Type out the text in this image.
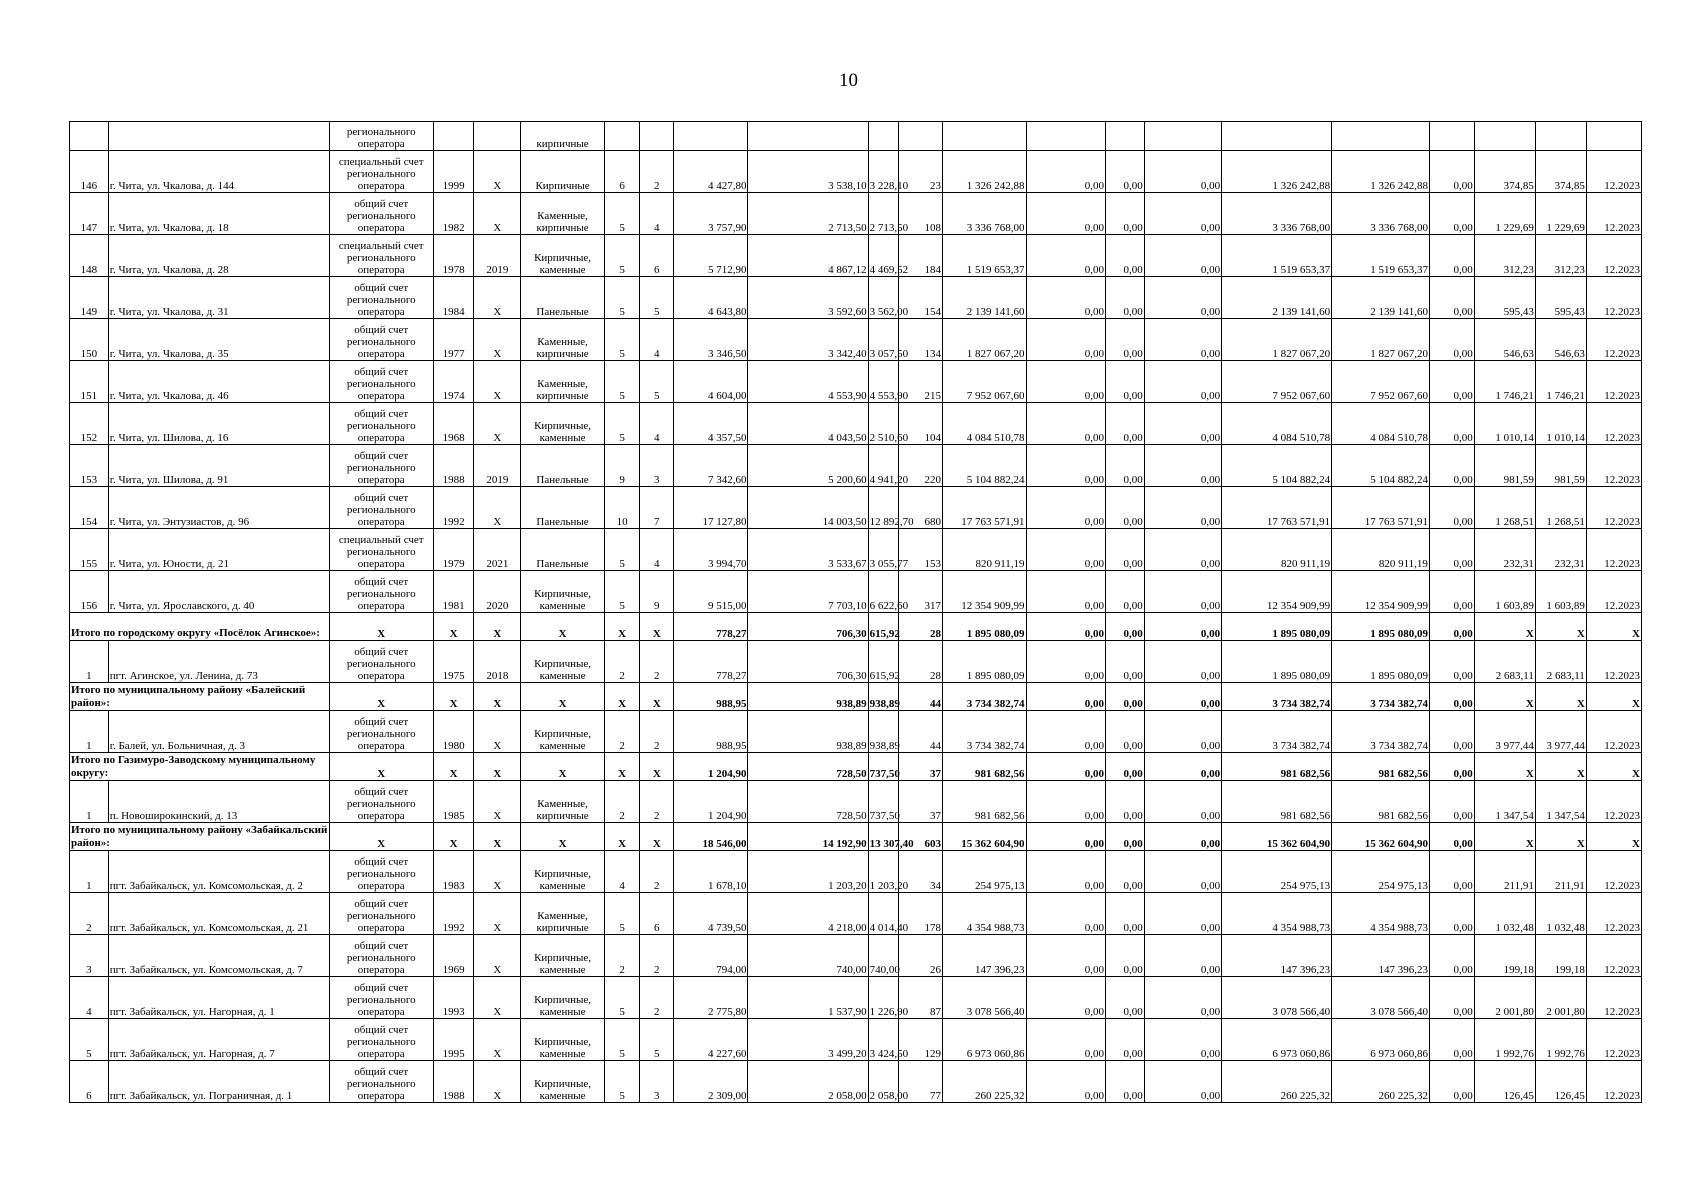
10
		регионального оператора			кирпичные																
146	г. Чита, ул. Чкалова, д. 144	специальный счет регионального оператора	1999	Х	Кирпичные	6	2	4 427,80	3 538,10	3 228,10	23	1 326 242,88	0,00	0,00	0,00	1 326 242,88	1 326 242,88	0,00	374,85	374,85	12.2023
147	г. Чита, ул. Чкалова, д. 18	общий счет регионального оператора	1982	Х	Каменные, кирпичные	5	4	3 757,90	2 713,50	2 713,50	108	3 336 768,00	0,00	0,00	0,00	3 336 768,00	3 336 768,00	0,00	1 229,69	1 229,69	12.2023
148	г. Чита, ул. Чкалова, д. 28	специальный счет регионального оператора	1978	2019	Кирпичные, каменные	5	6	5 712,90	4 867,12	4 469,52	184	1 519 653,37	0,00	0,00	0,00	1 519 653,37	1 519 653,37	0,00	312,23	312,23	12.2023
149	г. Чита, ул. Чкалова, д. 31	общий счет регионального оператора	1984	Х	Панельные	5	5	4 643,80	3 592,60	3 562,00	154	2 139 141,60	0,00	0,00	0,00	2 139 141,60	2 139 141,60	0,00	595,43	595,43	12.2023
150	г. Чита, ул. Чкалова, д. 35	общий счет регионального оператора	1977	Х	Каменные, кирпичные	5	4	3 346,50	3 342,40	3 057,50	134	1 827 067,20	0,00	0,00	0,00	1 827 067,20	1 827 067,20	0,00	546,63	546,63	12.2023
151	г. Чита, ул. Чкалова, д. 46	общий счет регионального оператора	1974	Х	Каменные, кирпичные	5	5	4 604,00	4 553,90	4 553,90	215	7 952 067,60	0,00	0,00	0,00	7 952 067,60	7 952 067,60	0,00	1 746,21	1 746,21	12.2023
152	г. Чита, ул. Шилова, д. 16	общий счет регионального оператора	1968	Х	Кирпичные, каменные	5	4	4 357,50	4 043,50	2 510,60	104	4 084 510,78	0,00	0,00	0,00	4 084 510,78	4 084 510,78	0,00	1 010,14	1 010,14	12.2023
153	г. Чита, ул. Шилова, д. 91	общий счет регионального оператора	1988	2019	Панельные	9	3	7 342,60	5 200,60	4 941,20	220	5 104 882,24	0,00	0,00	0,00	5 104 882,24	5 104 882,24	0,00	981,59	981,59	12.2023
154	г. Чита, ул. Энтузиастов, д. 96	общий счет регионального оператора	1992	Х	Панельные	10	7	17 127,80	14 003,50	12 892,70	680	17 763 571,91	0,00	0,00	0,00	17 763 571,91	17 763 571,91	0,00	1 268,51	1 268,51	12.2023
155	г. Чита, ул. Юности, д. 21	специальный счет регионального оператора	1979	2021	Панельные	5	4	3 994,70	3 533,67	3 055,77	153	820 911,19	0,00	0,00	0,00	820 911,19	820 911,19	0,00	232,31	232,31	12.2023
156	г. Чита, ул. Ярославского, д. 40	общий счет регионального оператора	1981	2020	Кирпичные, каменные	5	9	9 515,00	7 703,10	6 622,60	317	12 354 909,99	0,00	0,00	0,00	12 354 909,99	12 354 909,99	0,00	1 603,89	1 603,89	12.2023
Итого по городскому округу «Посёлок Агинское»:		Х	Х	Х	Х	Х	Х	778,27	706,30	615,92	28	1 895 080,09	0,00	0,00	0,00	1 895 080,09	1 895 080,09	0,00	Х	Х	Х
1	пгт. Агинское, ул. Ленина, д. 73	общий счет регионального оператора	1975	2018	Кирпичные, каменные	2	2	778,27	706,30	615,92	28	1 895 080,09	0,00	0,00	0,00	1 895 080,09	1 895 080,09	0,00	2 683,11	2 683,11	12.2023
Итого по муниципальному району «Балейский район»:		Х	Х	Х	Х	Х	Х	988,95	938,89	938,89	44	3 734 382,74	0,00	0,00	0,00	3 734 382,74	3 734 382,74	0,00	Х	Х	Х
1	г. Балей, ул. Больничная, д. 3	общий счет регионального оператора	1980	Х	Кирпичные, каменные	2	2	988,95	938,89	938,89	44	3 734 382,74	0,00	0,00	0,00	3 734 382,74	3 734 382,74	0,00	3 977,44	3 977,44	12.2023
Итого по Газимуро-Заводскому муниципальному округу:		Х	Х	Х	Х	Х	Х	1 204,90	728,50	737,50	37	981 682,56	0,00	0,00	0,00	981 682,56	981 682,56	0,00	Х	Х	Х
1	п. Новоширокинский, д. 13	общий счет регионального оператора	1985	Х	Каменные, кирпичные	2	2	1 204,90	728,50	737,50	37	981 682,56	0,00	0,00	0,00	981 682,56	981 682,56	0,00	1 347,54	1 347,54	12.2023
Итого по муниципальному району «Забайкальский район»:		Х	Х	Х	Х	Х	Х	18 546,00	14 192,90	13 307,40	603	15 362 604,90	0,00	0,00	0,00	15 362 604,90	15 362 604,90	0,00	Х	Х	Х
1	пгт. Забайкальск, ул. Комсомольская, д. 2	общий счет регионального оператора	1983	Х	Кирпичные, каменные	4	2	1 678,10	1 203,20	1 203,20	34	254 975,13	0,00	0,00	0,00	254 975,13	254 975,13	0,00	211,91	211,91	12.2023
2	пгт. Забайкальск, ул. Комсомольская, д. 21	общий счет регионального оператора	1992	Х	Каменные, кирпичные	5	6	4 739,50	4 218,00	4 014,40	178	4 354 988,73	0,00	0,00	0,00	4 354 988,73	4 354 988,73	0,00	1 032,48	1 032,48	12.2023
3	пгт. Забайкальск, ул. Комсомольская, д. 7	общий счет регионального оператора	1969	Х	Кирпичные, каменные	2	2	794,00	740,00	740,00	26	147 396,23	0,00	0,00	0,00	147 396,23	147 396,23	0,00	199,18	199,18	12.2023
4	пгт. Забайкальск, ул. Нагорная, д. 1	общий счет регионального оператора	1993	Х	Кирпичные, каменные	5	2	2 775,80	1 537,90	1 226,90	87	3 078 566,40	0,00	0,00	0,00	3 078 566,40	3 078 566,40	0,00	2 001,80	2 001,80	12.2023
5	пгт. Забайкальск, ул. Нагорная, д. 7	общий счет регионального оператора	1995	Х	Кирпичные, каменные	5	5	4 227,60	3 499,20	3 424,50	129	6 973 060,86	0,00	0,00	0,00	6 973 060,86	6 973 060,86	0,00	1 992,76	1 992,76	12.2023
6	пгт. Забайкальск, ул. Пограничная, д. 1	общий счет регионального оператора	1988	Х	Кирпичные, каменные	5	3	2 309,00	2 058,00	2 058,00	77	260 225,32	0,00	0,00	0,00	260 225,32	260 225,32	0,00	126,45	126,45	12.2023
